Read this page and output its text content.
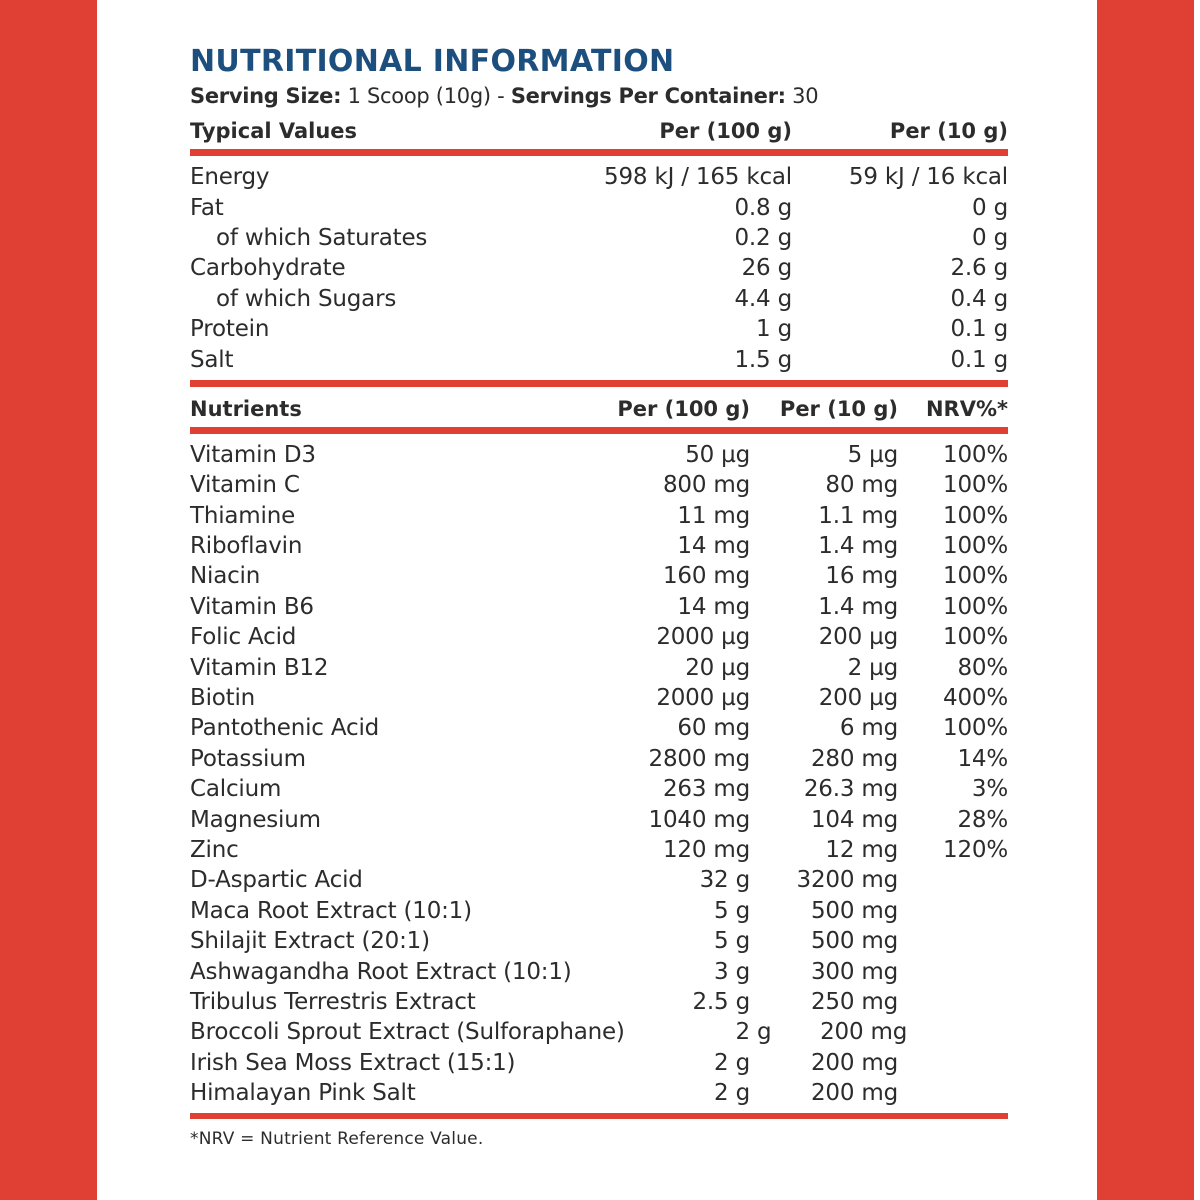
NUTRITIONAL INFORMATION
Serving Size: 1 Scoop (10g) - Servings Per Container: 30
Typical Values	Per (100 g)	Per (10 g)
Energy	598 kJ / 165 kcal	59 kJ / 16 kcal
Fat	0.8 g	0 g
of which Saturates	0.2 g	0 g
Carbohydrate	26 g	2.6 g
of which Sugars	4.4 g	0.4 g
Protein	1 g	0.1 g
Salt	1.5 g	0.1 g
Nutrients	Per (100 g)	Per (10 g)	NRV%*
Vitamin D3	50 µg	5 µg	100%
Vitamin C	800 mg	80 mg	100%
Thiamine	11 mg	1.1 mg	100%
Riboflavin	14 mg	1.4 mg	100%
Niacin	160 mg	16 mg	100%
Vitamin B6	14 mg	1.4 mg	100%
Folic Acid	2000 µg	200 µg	100%
Vitamin B12	20 µg	2 µg	80%
Biotin	2000 µg	200 µg	400%
Pantothenic Acid	60 mg	6 mg	100%
Potassium	2800 mg	280 mg	14%
Calcium	263 mg	26.3 mg	3%
Magnesium	1040 mg	104 mg	28%
Zinc	120 mg	12 mg	120%
D-Aspartic Acid	32 g	3200 mg
Maca Root Extract (10:1)	5 g	500 mg
Shilajit Extract (20:1)	5 g	500 mg
Ashwagandha Root Extract (10:1)	3 g	300 mg
Tribulus Terrestris Extract	2.5 g	250 mg
Broccoli Sprout Extract (Sulforaphane)	2 g	200 mg
Irish Sea Moss Extract (15:1)	2 g	200 mg
Himalayan Pink Salt	2 g	200 mg
*NRV = Nutrient Reference Value.
